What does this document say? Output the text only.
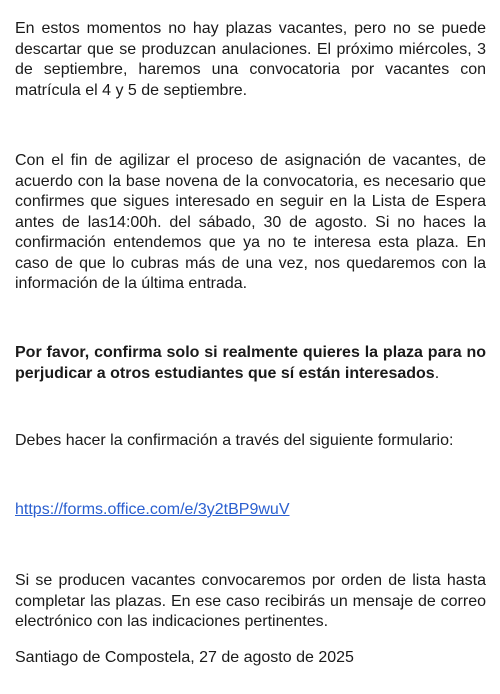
En estos momentos no hay plazas vacantes, pero no se puede descartar que se produzcan anulaciones. El próximo miércoles, 3 de septiembre, haremos una convocatoria por vacantes con matrícula el 4 y 5 de septiembre.

Con el fin de agilizar el proceso de asignación de vacantes, de acuerdo con la base novena de la convocatoria, es necesario que confirmes que sigues interesado en seguir en la Lista de Espera antes de las14:00h. del sábado, 30 de agosto. Si no haces la confirmación entendemos que ya no te interesa esta plaza. En caso de que lo cubras más de una vez, nos quedaremos con la información de la última entrada.

Por favor, confirma solo si realmente quieres la plaza para no perjudicar a otros estudiantes que sí están interesados.

Debes hacer la confirmación a través del siguiente formulario:

https://forms.office.com/e/3y2tBP9wuV

Si se producen vacantes convocaremos por orden de lista hasta completar las plazas. En ese caso recibirás un mensaje de correo electrónico con las indicaciones pertinentes.

Santiago de Compostela, 27 de agosto de 2025
